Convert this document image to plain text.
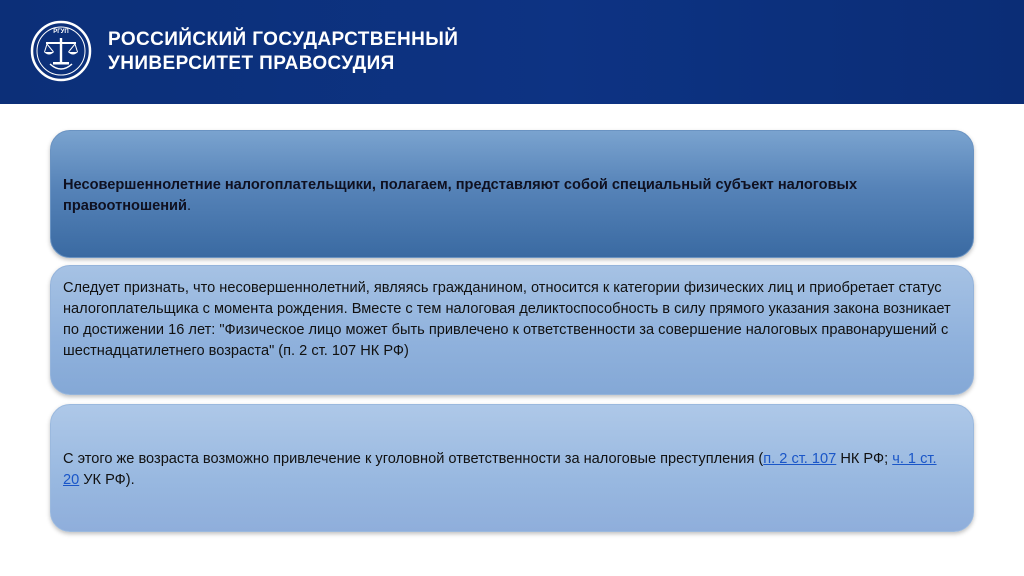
РГУП РОССИЙСКИЙ ГОСУДАРСТВЕННЫЙ
УНИВЕРСИТЕТ ПРАВОСУДИЯ
Несовершеннолетние налогоплательщики, полагаем, представляют собой специальный субъект налоговых правоотношений.
Следует признать, что несовершеннолетний, являясь гражданином, относится к категории физических лиц и приобретает статус налогоплательщика с момента рождения. Вместе с тем налоговая деликтоспособность в силу прямого указания закона возникает по достижении 16 лет: "Физическое лицо может быть привлечено к ответственности за совершение налоговых правонарушений с шестнадцатилетнего возраста" (п. 2 ст. 107 НК РФ)
С этого же возраста возможно привлечение к уголовной ответственности за налоговые преступления (п. 2 ст. 107 НК РФ; ч. 1 ст. 20 УК РФ).
